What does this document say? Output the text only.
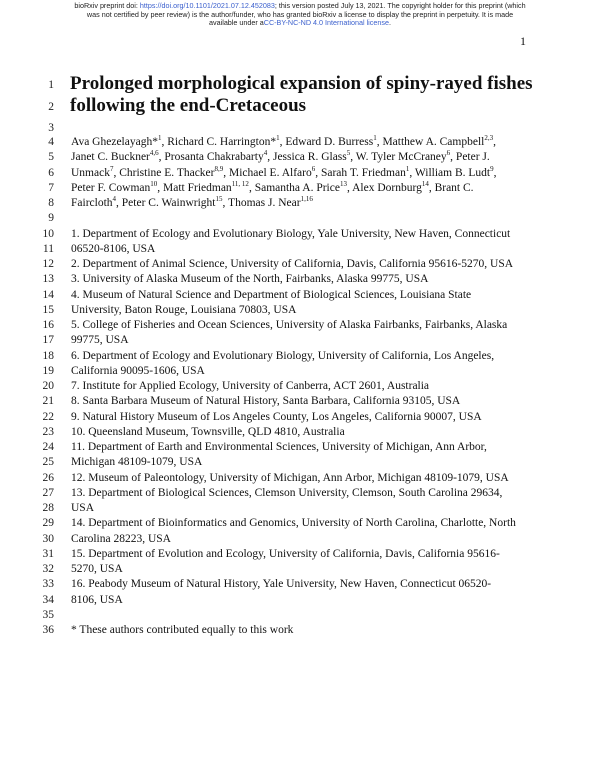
bioRxiv preprint doi: https://doi.org/10.1101/2021.07.12.452083; this version posted July 13, 2021. The copyright holder for this preprint (which
was not certified by peer review) is the author/funder, who has granted bioRxiv a license to display the preprint in perpetuity. It is made
available under aCC-BY-NC-ND 4.0 International license.
1
1
2
3
4
5
6
7
8
9
10
11
12
13
14
15
16
17
18
19
20
21
22
23
24
25
26
27
28
29
30
31
32
33
34
35
36
Prolonged morphological expansion of spiny-rayed fishes
following the end-Cretaceous
Ava Ghezelayagh*$^1$, Richard C. Harrington*$^1$, Edward D. Burress$^1$, Matthew A. Campbell$^{2,3}$,
Janet C. Buckner$^{4,6}$, Prosanta Chakrabarty$^4$, Jessica R. Glass$^5$, W. Tyler McCraney$^6$, Peter J.
Unmack$^7$, Christine E. Thacker$^{8,9}$, Michael E. Alfaro$^6$, Sarah T. Friedman$^1$, William B. Ludt$^9$,
Peter F. Cowman$^{10}$, Matt Friedman$^{11, 12}$, Samantha A. Price$^{13}$, Alex Dornburg$^{14}$, Brant C.
Faircloth$^4$, Peter C. Wainwright$^{15}$, Thomas J. Near$^{1,16}$
1. Department of Ecology and Evolutionary Biology, Yale University, New Haven, Connecticut
06520-8106, USA
2. Department of Animal Science, University of California, Davis, California 95616-5270, USA
3. University of Alaska Museum of the North, Fairbanks, Alaska 99775, USA
4. Museum of Natural Science and Department of Biological Sciences, Louisiana State
University, Baton Rouge, Louisiana 70803, USA
5. College of Fisheries and Ocean Sciences, University of Alaska Fairbanks, Fairbanks, Alaska
99775, USA
6. Department of Ecology and Evolutionary Biology, University of California, Los Angeles,
California 90095-1606, USA
7. Institute for Applied Ecology, University of Canberra, ACT 2601, Australia
8. Santa Barbara Museum of Natural History, Santa Barbara, California 93105, USA
9. Natural History Museum of Los Angeles County, Los Angeles, California 90007, USA
10. Queensland Museum, Townsville, QLD 4810, Australia
11. Department of Earth and Environmental Sciences, University of Michigan, Ann Arbor,
Michigan 48109-1079, USA
12. Museum of Paleontology, University of Michigan, Ann Arbor, Michigan 48109-1079, USA
13. Department of Biological Sciences, Clemson University, Clemson, South Carolina 29634,
USA
14. Department of Bioinformatics and Genomics, University of North Carolina, Charlotte, North
Carolina 28223, USA
15. Department of Evolution and Ecology, University of California, Davis, California 95616-
5270, USA
16. Peabody Museum of Natural History, Yale University, New Haven, Connecticut 06520-
8106, USA
* These authors contributed equally to this work
